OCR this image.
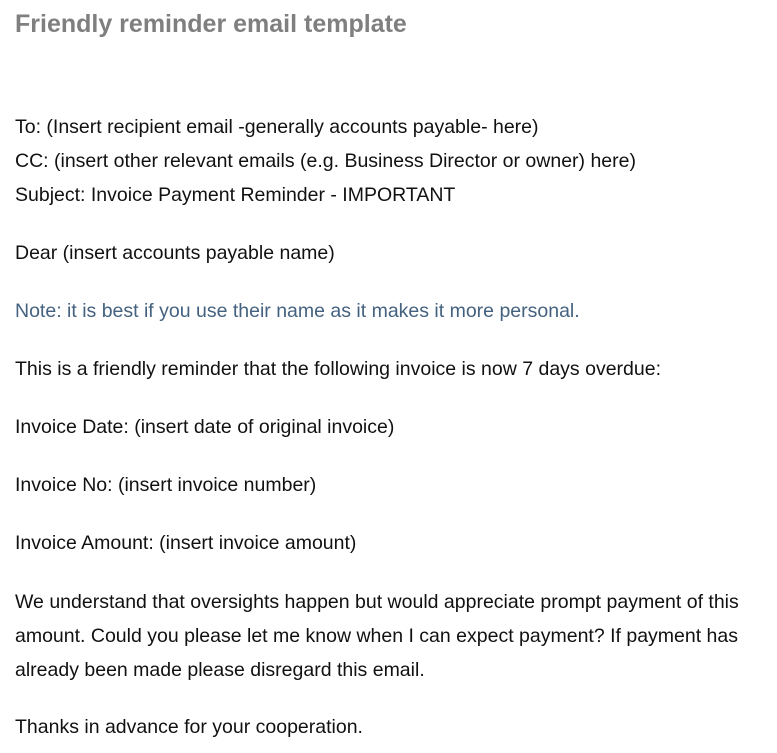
Friendly reminder email template

To: (Insert recipient email -generally accounts payable- here)

CC: (insert other relevant emails (e.g. Business Director or owner) here)

Subject: Invoice Payment Reminder - IMPORTANT

Dear (insert accounts payable name)

Note: it is best if you use their name as it makes it more personal.

This is a friendly reminder that the following invoice is now 7 days overdue:

Invoice Date: (insert date of original invoice)

Invoice No: (insert invoice number)

Invoice Amount: (insert invoice amount)

We understand that oversights happen but would appreciate prompt payment of this amount. Could you please let me know when I can expect payment? If payment has already been made please disregard this email.

Thanks in advance for your cooperation.
